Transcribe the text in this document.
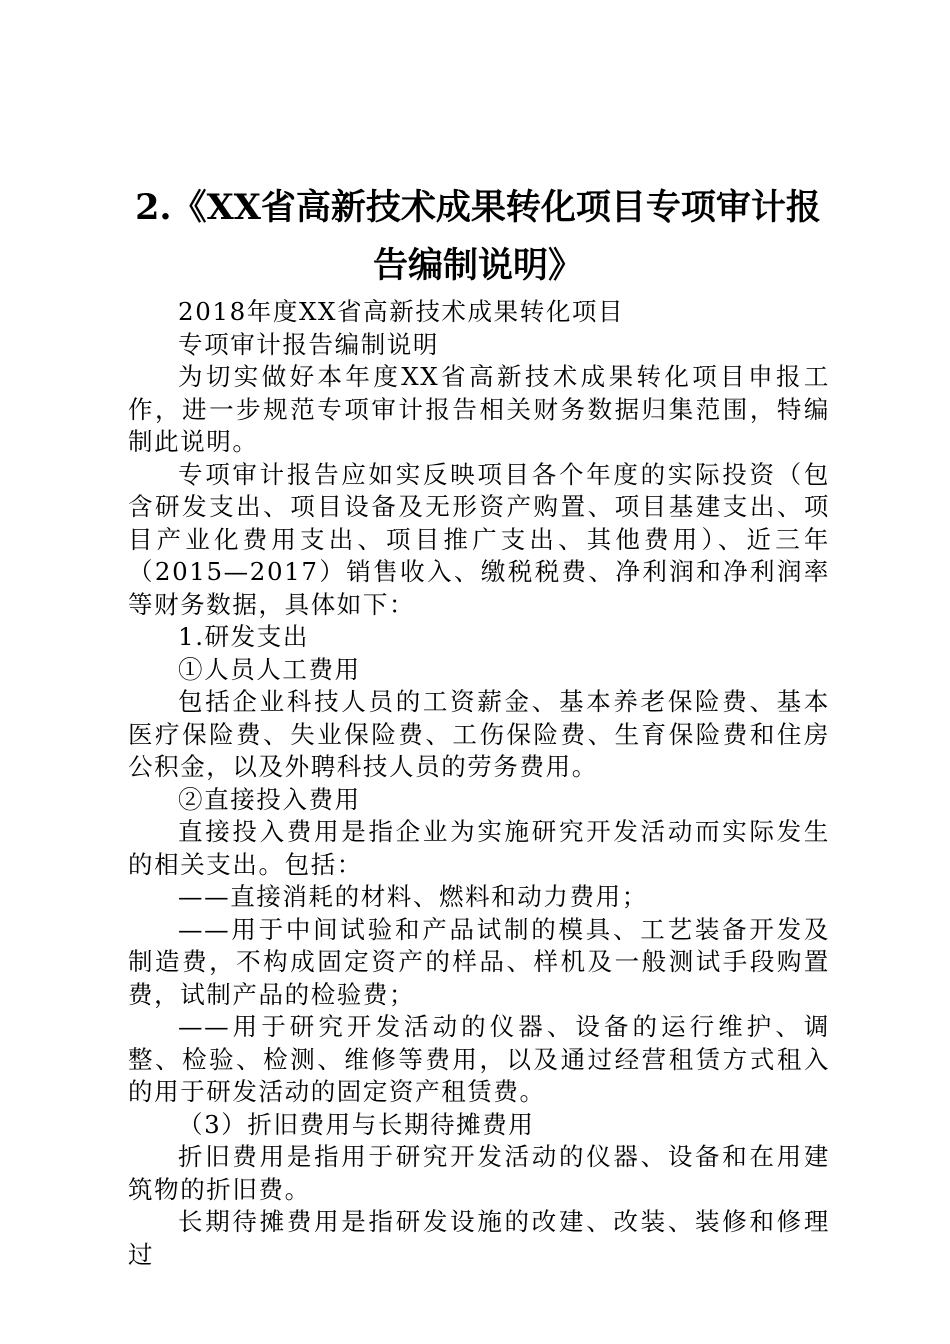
2.《XX省高新技术成果转化项目专项审计报
告编制说明》

2018年度XX省高新技术成果转化项目

专项审计报告编制说明

为切实做好本年度XX省高新技术成果转化项目申报工作，进一步规范专项审计报告相关财务数据归集范围，特编制此说明。

专项审计报告应如实反映项目各个年度的实际投资（包含研发支出、项目设备及无形资产购置、项目基建支出、项目产业化费用支出、项目推广支出、其他费用）、近三年（2015—2017）销售收入、缴税税费、净利润和净利润率等财务数据，具体如下：

1.研发支出

①人员人工费用

包括企业科技人员的工资薪金、基本养老保险费、基本医疗保险费、失业保险费、工伤保险费、生育保险费和住房公积金，以及外聘科技人员的劳务费用。

②直接投入费用

直接投入费用是指企业为实施研究开发活动而实际发生的相关支出。包括：

——直接消耗的材料、燃料和动力费用；

——用于中间试验和产品试制的模具、工艺装备开发及制造费，不构成固定资产的样品、样机及一般测试手段购置费，试制产品的检验费；

——用于研究开发活动的仪器、设备的运行维护、调整、检验、检测、维修等费用，以及通过经营租赁方式租入的用于研发活动的固定资产租赁费。

（3）折旧费用与长期待摊费用

折旧费用是指用于研究开发活动的仪器、设备和在用建筑物的折旧费。

长期待摊费用是指研发设施的改建、改装、装修和修理过
